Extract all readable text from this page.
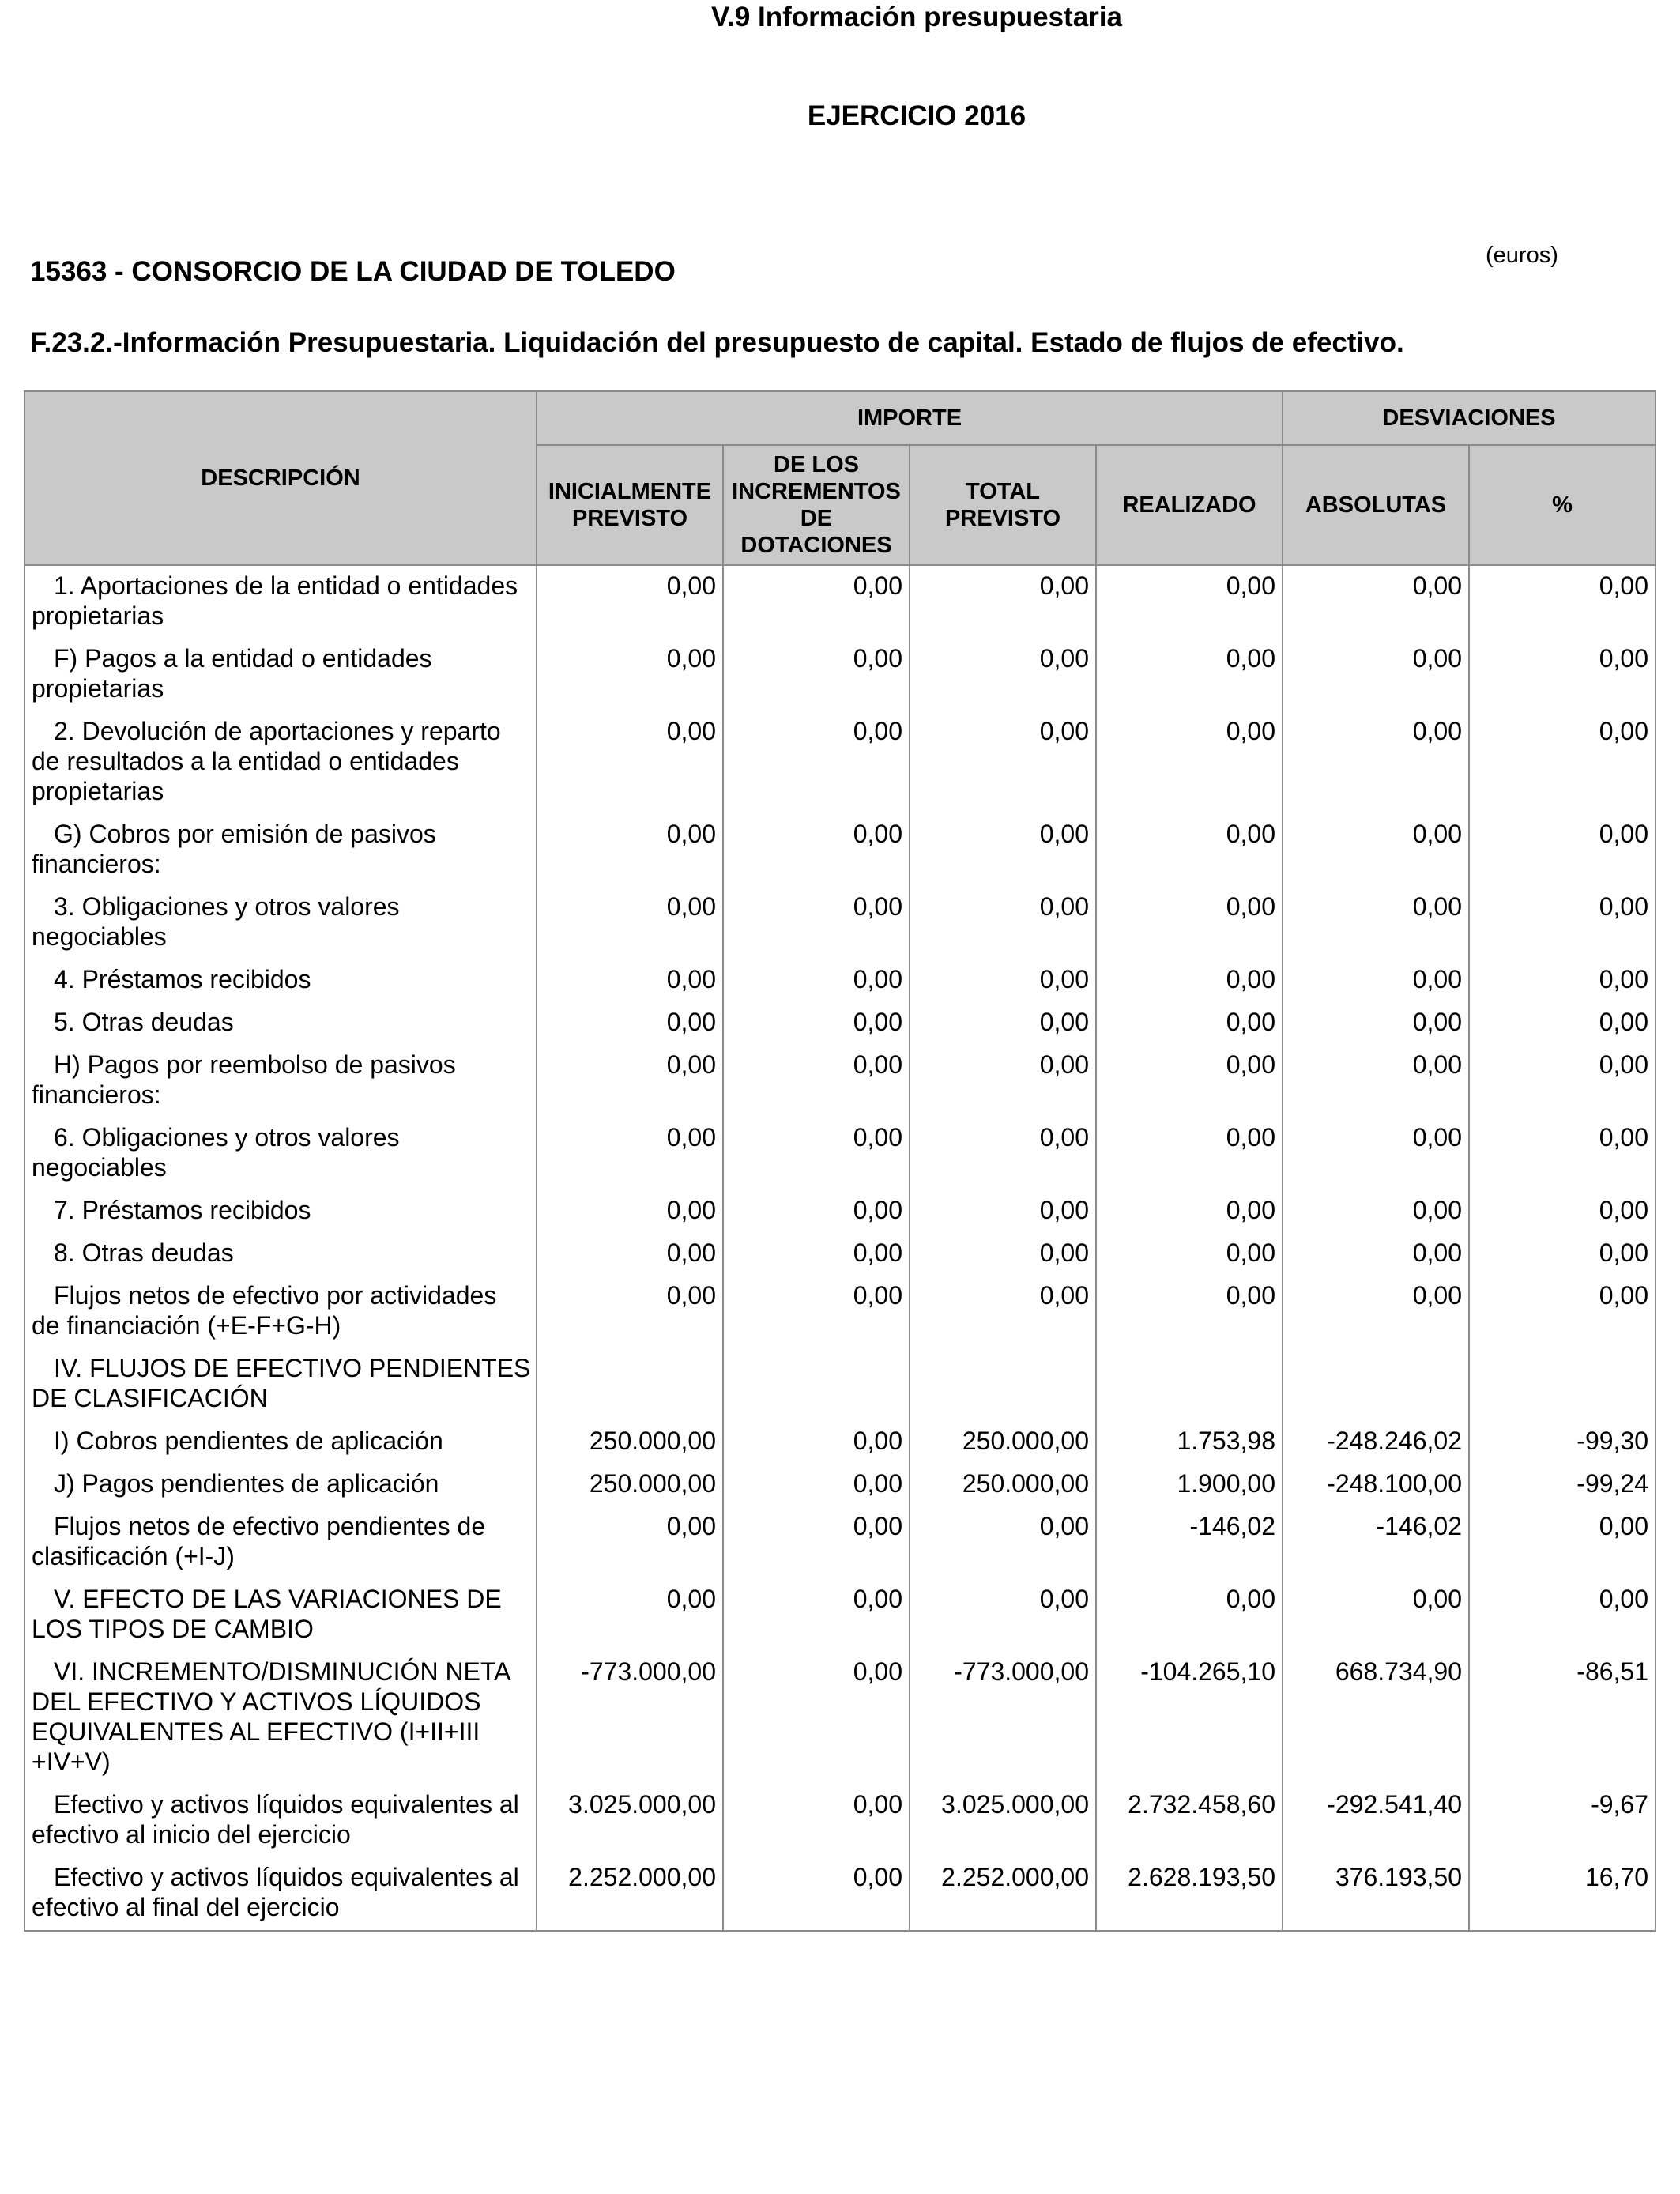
V.9 Información presupuestaria
EJERCICIO 2016
(euros)
15363 - CONSORCIO DE LA CIUDAD DE TOLEDO
F.23.2.-Información Presupuestaria. Liquidación del presupuesto de capital. Estado de flujos de efectivo.
DESCRIPCIÓN	IMPORTE				DESVIACIONES	
	INICIALMENTE PREVISTO	DE LOS INCREMENTOS DE DOTACIONES	TOTAL PREVISTO	REALIZADO	ABSOLUTAS	%
1. Aportaciones de la entidad o entidades propietarias	0,00	0,00	0,00	0,00	0,00	0,00
F) Pagos a la entidad o entidades propietarias	0,00	0,00	0,00	0,00	0,00	0,00
2. Devolución de aportaciones y reparto de resultados a la entidad o entidades propietarias	0,00	0,00	0,00	0,00	0,00	0,00
G) Cobros por emisión de pasivos financieros:	0,00	0,00	0,00	0,00	0,00	0,00
3. Obligaciones y otros valores negociables	0,00	0,00	0,00	0,00	0,00	0,00
4. Préstamos recibidos	0,00	0,00	0,00	0,00	0,00	0,00
5. Otras deudas	0,00	0,00	0,00	0,00	0,00	0,00
H) Pagos por reembolso de pasivos financieros:	0,00	0,00	0,00	0,00	0,00	0,00
6. Obligaciones y otros valores negociables	0,00	0,00	0,00	0,00	0,00	0,00
7. Préstamos recibidos	0,00	0,00	0,00	0,00	0,00	0,00
8. Otras deudas	0,00	0,00	0,00	0,00	0,00	0,00
Flujos netos de efectivo por actividades de financiación (+E-F+G-H)	0,00	0,00	0,00	0,00	0,00	0,00
IV. FLUJOS DE EFECTIVO PENDIENTES DE CLASIFICACIÓN						
I) Cobros pendientes de aplicación	250.000,00	0,00	250.000,00	1.753,98	-248.246,02	-99,30
J) Pagos pendientes de aplicación	250.000,00	0,00	250.000,00	1.900,00	-248.100,00	-99,24
Flujos netos de efectivo pendientes de clasificación (+I-J)	0,00	0,00	0,00	-146,02	-146,02	0,00
V. EFECTO DE LAS VARIACIONES DE LOS TIPOS DE CAMBIO	0,00	0,00	0,00	0,00	0,00	0,00
VI. INCREMENTO/DISMINUCIÓN NETA DEL EFECTIVO Y ACTIVOS LÍQUIDOS EQUIVALENTES AL EFECTIVO (I+II+III +IV+V)	-773.000,00	0,00	-773.000,00	-104.265,10	668.734,90	-86,51
Efectivo y activos líquidos equivalentes al efectivo al inicio del ejercicio	3.025.000,00	0,00	3.025.000,00	2.732.458,60	-292.541,40	-9,67
Efectivo y activos líquidos equivalentes al efectivo al final del ejercicio	2.252.000,00	0,00	2.252.000,00	2.628.193,50	376.193,50	16,70
